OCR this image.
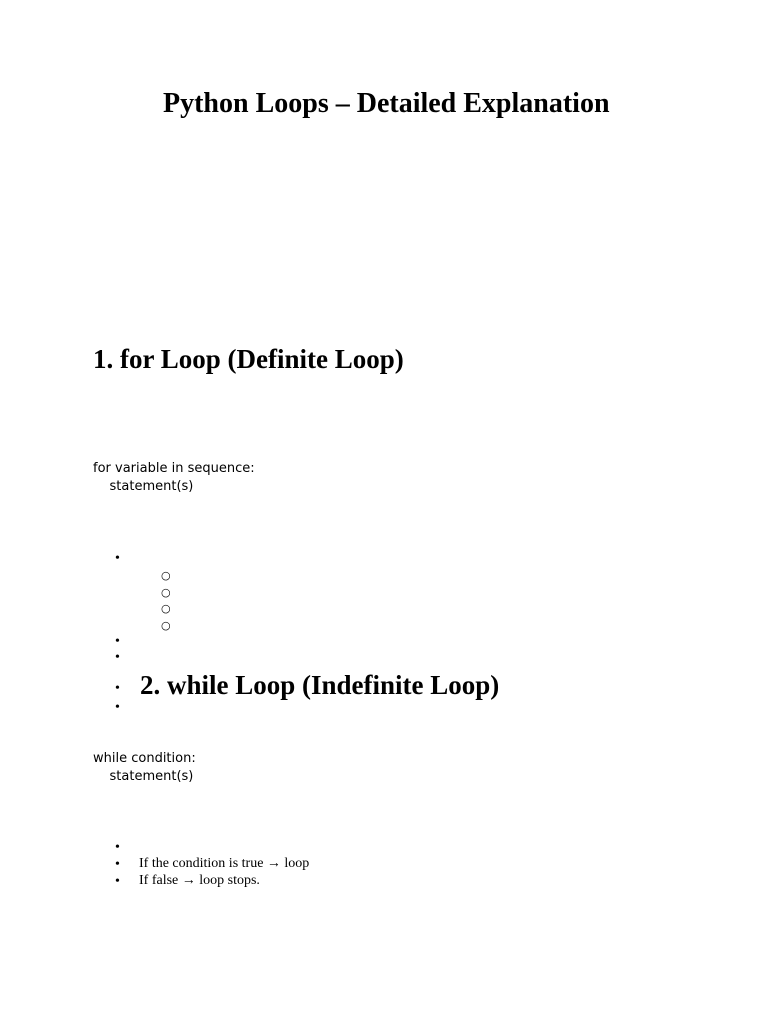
Python Loops – Detailed Explanation
1. for Loop (Definite Loop)
for variable in sequence:
statement(s)
•
○
○
○
○
•
•
•
•
2. while Loop (Indefinite Loop)
while condition:
statement(s)
•
•
If the condition is true → loop
•
If false → loop stops.
